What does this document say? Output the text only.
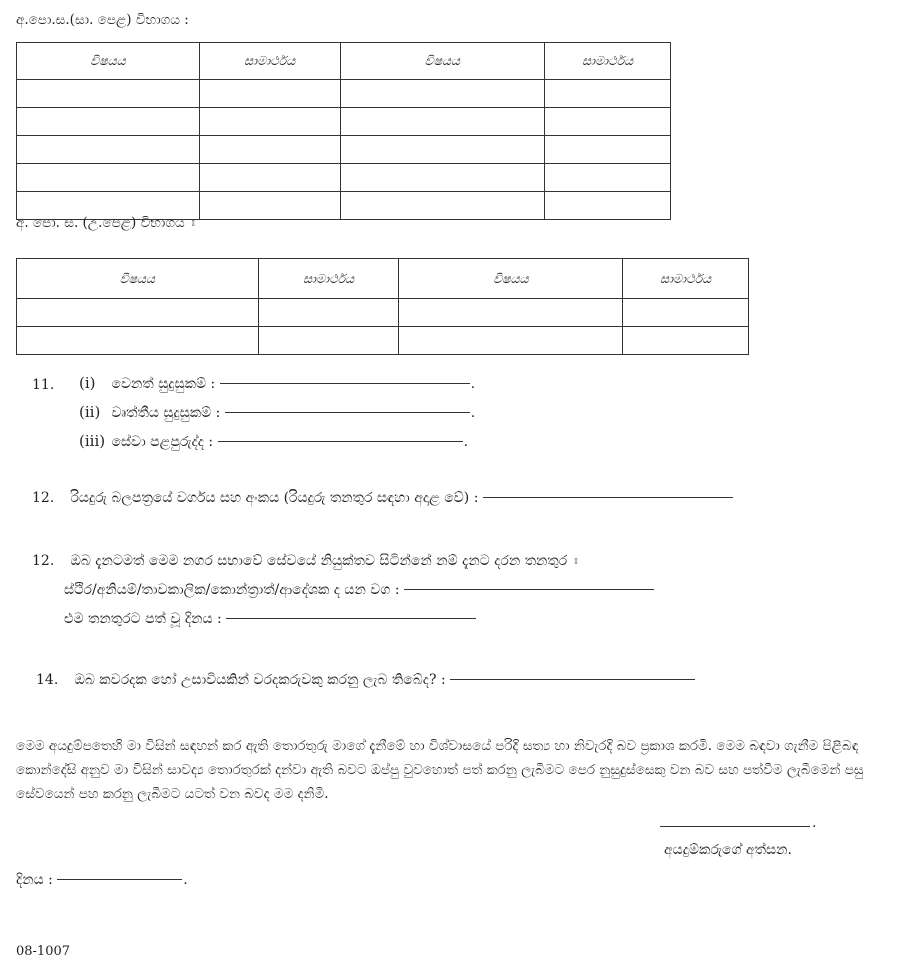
අ.පො.ස.(සා. පෙළ) විභාගය :
විෂයය	සාමාර්ථය	විෂයය	සාමාර්ථය

අ. පො. ස. (උ.පෙළ) විභාගය ඃ
විෂයය	සාමාර්ථය	විෂයය	සාමාර්ථය

11. (i) වෙනත් සුදුසුකම් :	.
(ii) වෘත්තීය සුදුසුකම් :	.
(iii) සේවා පළපුරුද්ද :	.
12. රියදුරු බලපත්‍රයේ වර්ගය සහ අංකය (රියදුරු තනතුර සඳහා අදාළ වේ) :
12. ඔබ දැනටමත් මෙම නගර සභාවේ සේවයේ නියුක්තව සිටින්නේ නම් දැනට දරන තනතුර ඃ
ස්ථිර/අනියම්/තාවකාලික/කොන්ත්‍රාත්/ආදේශක ද යන වග :
එම තනතුරට පත් වූ දිනය :
14. ඔබ කවරදක හෝ උසාවියකින් වරදකරුවකු කරනු ලැබ තිබේද? :
මෙම අයදුම්පතෙහි මා විසින් සඳහන් කර ඇති තොරතුරු මාගේ දැනීමේ හා විශ්වාසයේ පරිදි සත්‍ය හා නිවැරදි බව ප්‍රකාශ කරමි. මෙම බඳවා ගැනීම පිළිබඳ කොන්දේසි අනුව මා විසින් සාවද්‍ය තොරතුරක් දන්වා ඇති බවට ඔප්පු වුවහොත් පත් කරනු ලැබීමට පෙර නුසුදුස්සෙකු වන බව සහ පත්වීම ලැබීමෙන් පසු සේවයෙන් පහ කරනු ලැබීමට යටත් වන බවද මම දනිමි.
.
අයදුම්කරුගේ අත්සන.
දිනය :	.
08-1007
